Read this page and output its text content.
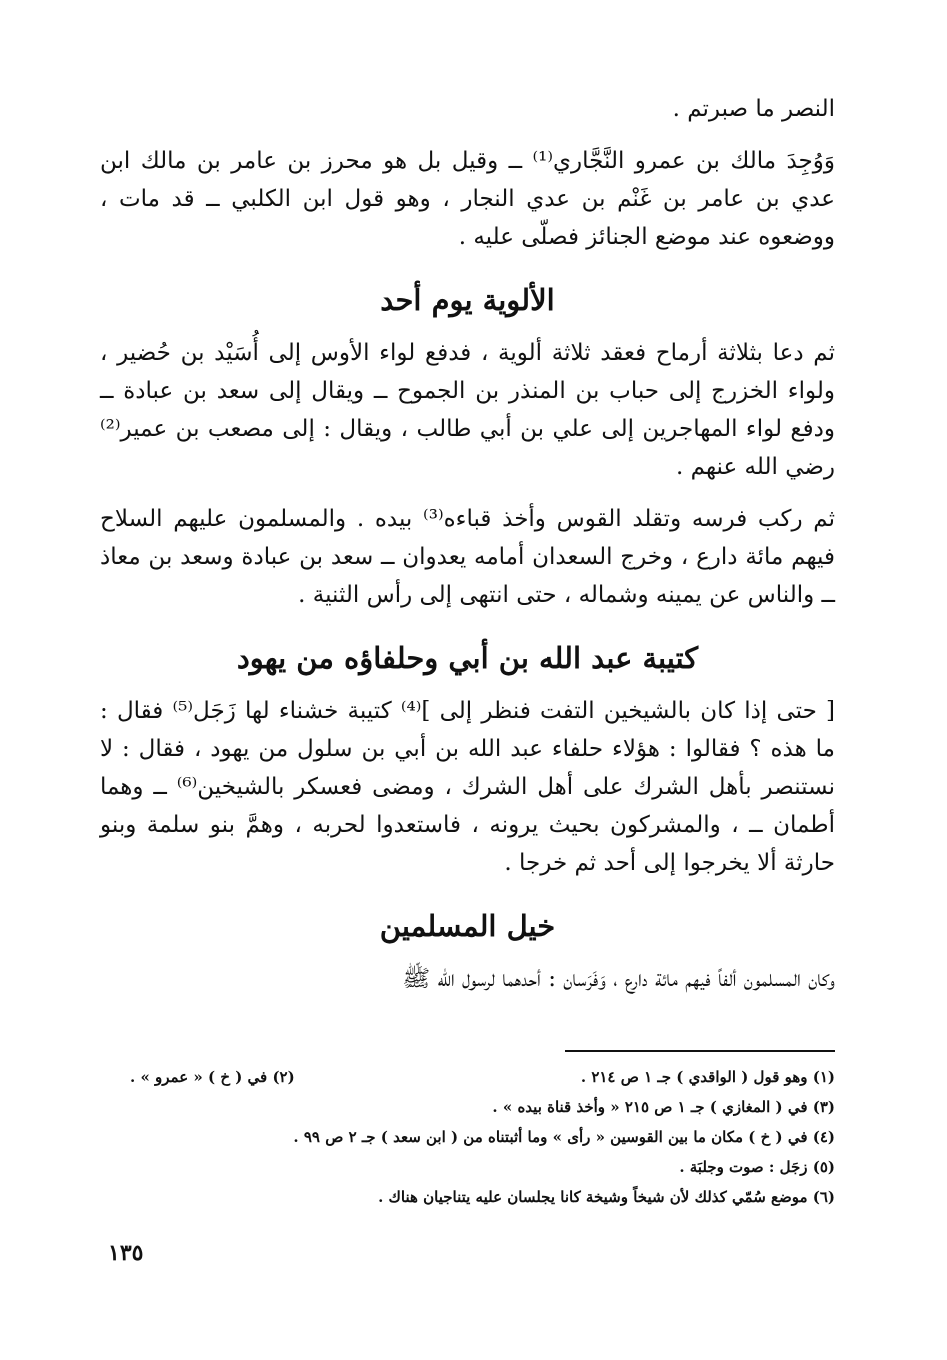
النصر ما صبرتم .

وَوُجِدَ مالك بن عمرو النَّجَّاري⁽¹⁾ ــ وقيل بل هو محرز بن عامر بن مالك ابن عدي بن عامر بن غَنْم بن عدي النجار ، وهو قول ابن الكلبي ــ قد مات ، ووضعوه عند موضع الجنائز فصلّى عليه .

الألوية يوم أحد

ثم دعا بثلاثة أرماح فعقد ثلاثة ألوية ، فدفع لواء الأوس إلى أُسَيْد بن حُضير ، ولواء الخزرج إلى حباب بن المنذر بن الجموح ــ ويقال إلى سعد بن عبادة ــ ودفع لواء المهاجرين إلى علي بن أبي طالب ، ويقال : إلى مصعب بن عمير⁽²⁾ رضي الله عنهم .

ثم ركب فرسه وتقلد القوس وأخذ قباءه⁽³⁾ بيده . والمسلمون عليهم السلاح فيهم مائة دارع ، وخرج السعدان أمامه يعدوان ــ سعد بن عبادة وسعد بن معاذ ــ والناس عن يمينه وشماله ، حتى انتهى إلى رأس الثنية .

كتيبة عبد الله بن أبي وحلفاؤه من يهود

[ حتى إذا كان بالشيخين التفت فنظر إلى ]⁽⁴⁾ كتيبة خشناء لها زَجَل⁽⁵⁾ فقال : ما هذه ؟ فقالوا : هؤلاء حلفاء عبد الله بن أبي بن سلول من يهود ، فقال : لا نستنصر بأهل الشرك على أهل الشرك ، ومضى فعسكر بالشيخين⁽⁶⁾ ــ وهما أطمان ــ ، والمشركون بحيث يرونه ، فاستعدوا لحربه ، وهمَّ بنو سلمة وبنو حارثة ألا يخرجوا إلى أحد ثم خرجا .

خيل المسلمين

وكان المسلمون ألفاً فيهم مائة دارع ، وَفَرَسان : أحدهما لرسول الله ﷺ

(١) وهو قول ( الواقدي ) جـ ١ ص ٢١٤ .
(٢) في ( خ ) « عمرو » .
(٣) في ( المغازي ) جـ ١ ص ٢١٥ « وأخذ قناة بيده » .
(٤) في ( خ ) مكان ما بين القوسين « رأى » وما أثبتناه من ( ابن سعد ) جـ ٢ ص ٩٩ .
(٥) زجَل : صوت وجلبَة .
(٦) موضع سُمّي كذلك لأن شيخاً وشيخة كانا يجلسان عليه يتناجيان هناك .
١٣٥
